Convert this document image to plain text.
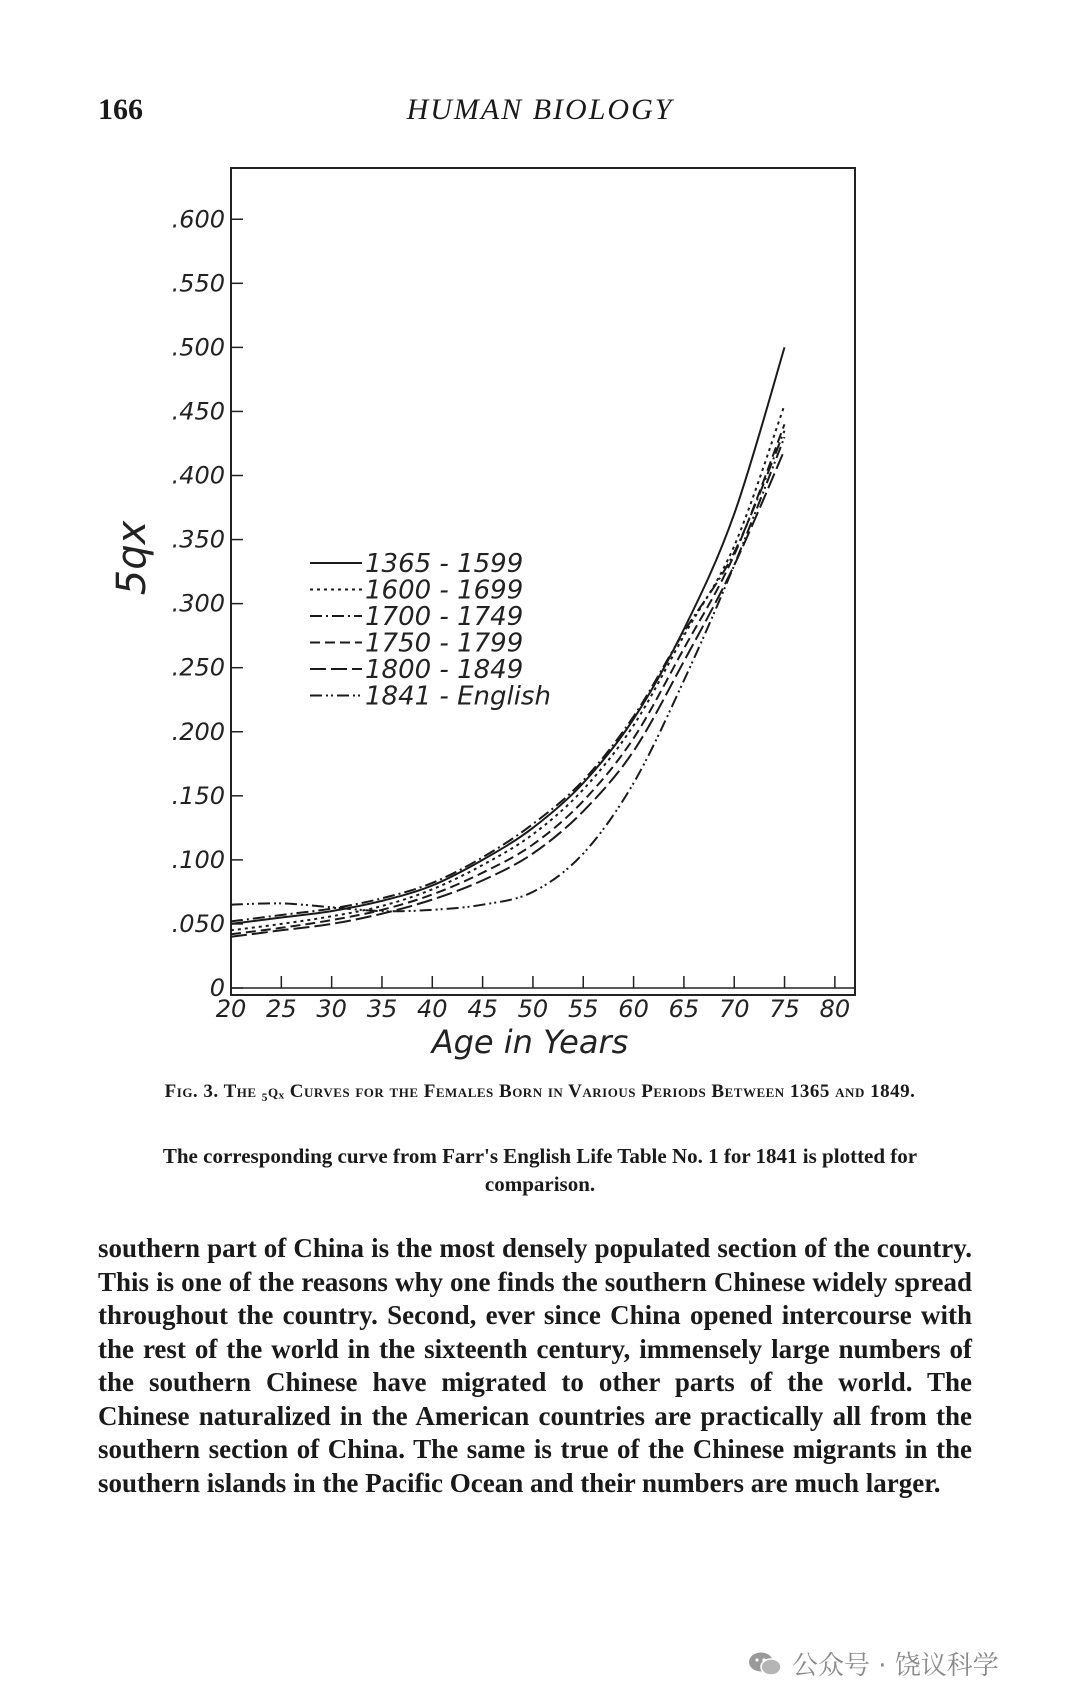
166	HUMAN BIOLOGY
0
.050
.100
.150
.200
.250
.300
.350
.400
.450
.500
.550
.600
20 25 30 35 40 45 50 55 60 65 70 75 80
1365 - 1599
1600 - 1699
1700 - 1749
1750 - 1799
1800 - 1849
1841 - English
5qx
Age in Years
Fig. 3. The ₅qₓ Curves for the Females Born in Various Periods Between 1365 and 1849.
The corresponding curve from Farr's English Life Table No. 1 for 1841 is plotted for comparison.
southern part of China is the most densely populated section of the country. This is one of the reasons why one finds the southern Chinese widely spread throughout the country. Second, ever since China opened intercourse with the rest of the world in the sixteenth century, immensely large numbers of the southern Chinese have migrated to other parts of the world. The Chinese naturalized in the American countries are practically all from the southern section of China. The same is true of the Chinese migrants in the southern islands in the Pacific Ocean and their numbers are much larger.
公众号 · 饶议科学
